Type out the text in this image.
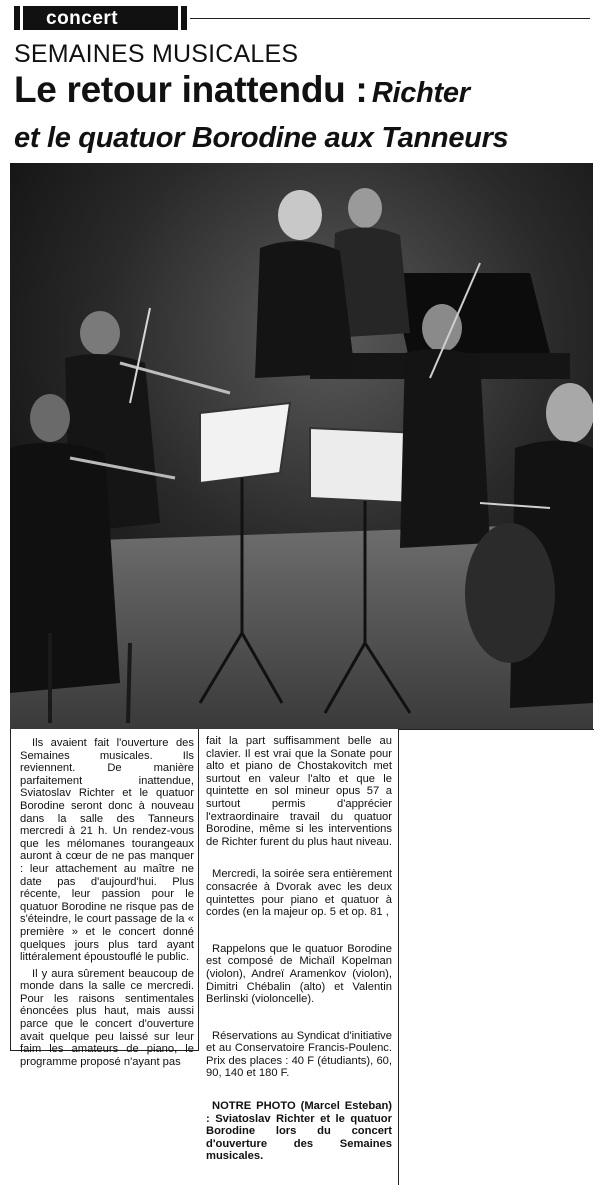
concert
SEMAINES MUSICALES
Le retour inattendu : Richter
et le quatuor Borodine aux Tanneurs

Ils avaient fait l'ouverture des Semaines musicales. Ils reviennent. De manière parfaitement inattendue, Sviatoslav Richter et le quatuor Borodine seront donc à nouveau dans la salle des Tanneurs mercredi à 21 h. Un rendez-vous que les mélomanes tourangeaux auront à cœur de ne pas manquer : leur attachement au maître ne date pas d'aujourd'hui. Plus récente, leur passion pour le quatuor Borodine ne risque pas de s'éteindre, le court passage de la « première » et le concert donné quelques jours plus tard ayant littéralement époustouflé le public.

Il y aura sûrement beaucoup de monde dans la salle ce mercredi. Pour les raisons sentimentales énoncées plus haut, mais aussi parce que le concert d'ouverture avait quelque peu laissé sur leur faim les amateurs de piano, le programme proposé n'ayant pas

fait la part suffisamment belle au clavier. Il est vrai que la Sonate pour alto et piano de Chostakovitch met surtout en valeur l'alto et que le quintette en sol mineur opus 57 a surtout permis d'apprécier l'extraordinaire travail du quatuor Borodine, même si les interventions de Richter furent du plus haut niveau.

Mercredi, la soirée sera entièrement consacrée à Dvorak avec les deux quintettes pour piano et quatuor à cordes (en la majeur op. 5 et op. 81 ,

Rappelons que le quatuor Borodine est composé de Michaïl Kopelman (violon), Andreï Aramenkov (violon), Dimitri Chébalin (alto) et Valentin Berlinski (violoncelle).

Réservations au Syndicat d'initiative et au Conservatoire Francis-Poulenc. Prix des places : 40 F (étudiants), 60, 90, 140 et 180 F.

NOTRE PHOTO (Marcel Esteban) : Sviatoslav Richter et le quatuor Borodine lors du concert d'ouverture des Semaines musicales.
